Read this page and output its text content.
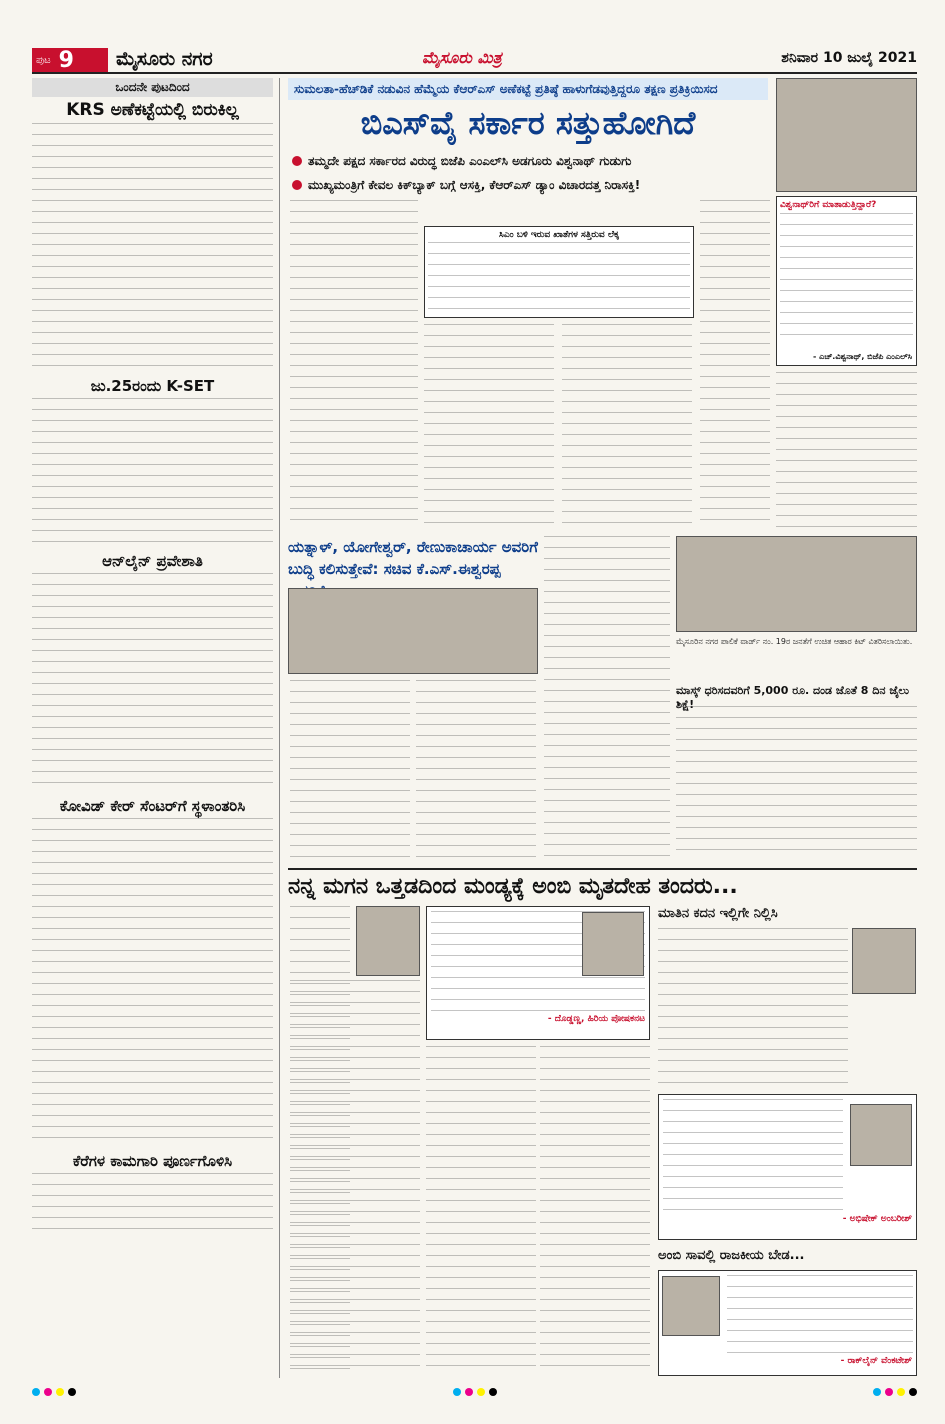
ಪುಟ 9 ಮೈಸೂರು ನಗರ	ಮೈಸೂರು ಮಿತ್ರ	ಶನಿವಾರ 10 ಜುಲೈ 2021
ಒಂದನೇ ಪುಟದಿಂದ
KRS ಅಣೆಕಟ್ಟೆಯಲ್ಲಿ ಬಿರುಕಿಲ್ಲ
ಜು.25ರಂದು K-SET
ಆನ್‌ಲೈನ್ ಪ್ರವೇಶಾತಿ
ಕೋವಿಡ್ ಕೇರ್ ಸೆಂಟರ್‌ಗೆ ಸ್ಥಳಾಂತರಿಸಿ
ಕೆರೆಗಳ ಕಾಮಗಾರಿ ಪೂರ್ಣಗೊಳಿಸಿ
ಸುಮಲತಾ-ಹೆಚ್‌ಡಿಕೆ ನಡುವಿನ ಹೆಮ್ಮೆಯ ಕೆಆರ್‌ಎಸ್ ಅಣೆಕಟ್ಟೆ ಪ್ರತಿಷ್ಠೆ ಹಾಳುಗೆಡವುತ್ತಿದ್ದರೂ ತಕ್ಷಣ ಪ್ರತಿಕ್ರಿಯಿಸದ
ಬಿಎಸ್‌ವೈ ಸರ್ಕಾರ ಸತ್ತುಹೋಗಿದೆ
ತಮ್ಮದೇ ಪಕ್ಷದ ಸರ್ಕಾರದ ವಿರುದ್ಧ ಬಿಜೆಪಿ ಎಂಎಲ್‌ಸಿ ಅಡಗೂರು ವಿಶ್ವನಾಥ್ ಗುಡುಗು
ಮುಖ್ಯಮಂತ್ರಿಗೆ ಕೇವಲ ಕಿಕ್‌ಬ್ಯಾಕ್ ಬಗ್ಗೆ ಆಸಕ್ತಿ, ಕೆಆರ್‌ಎಸ್ ಡ್ಯಾಂ ವಿಚಾರದತ್ತ ನಿರಾಸಕ್ತಿ!
ಸಿಎಂ ಬಳಿ ಇರುವ ಖಾತೆಗಳ ಸತ್ತಿರುವ ಲೆಕ್ಕ
ವಿಶ್ವನಾಥ್‌ರಿಗೆ ಮಾತಾಡುತ್ತಿದ್ದಾರೆ?
- ಎಚ್.ವಿಶ್ವನಾಥ್, ಬಿಜೆಪಿ ಎಂಎಲ್‌ಸಿ
ಯತ್ನಾಳ್, ಯೋಗೇಶ್ವರ್, ರೇಣುಕಾಚಾರ್ಯ ಅವರಿಗೆ ಬುದ್ಧಿ ಕಲಿಸುತ್ತೇವೆ: ಸಚಿವ ಕೆ.ಎಸ್.ಈಶ್ವರಪ್ಪ
ಮೈಸೂರಿನ ನಗರ ಪಾಲಿಕೆ ವಾರ್ಡ್ ನಂ. 19ರ ಜನತೆಗೆ ಉಚಿತ ಆಹಾರ ಕಿಟ್ ವಿತರಿಸಲಾಯಿತು.
ಮಾಸ್ಕ್ ಧರಿಸದವರಿಗೆ 5,000 ರೂ. ದಂಡ ಜೊತೆ 8 ದಿನ ಜೈಲು ಶಿಕ್ಷೆ!
ನನ್ನ ಮಗನ ಒತ್ತಡದಿಂದ ಮಂಡ್ಯಕ್ಕೆ ಅಂಬಿ ಮೃತದೇಹ ತಂದರು...
- ದೊಡ್ಡಣ್ಣ, ಹಿರಿಯ ಪೋಷಕನಟ
ಮಾತಿನ ಕದನ ಇಲ್ಲಿಗೇ ನಿಲ್ಲಿಸಿ
- ಅಭಿಷೇಕ್ ಅಂಬರೀಶ್
ಅಂಬಿ ಸಾವಲ್ಲಿ ರಾಜಕೀಯ ಬೇಡ...
- ರಾಕ್‌ಲೈನ್ ವೆಂಕಟೇಶ್
